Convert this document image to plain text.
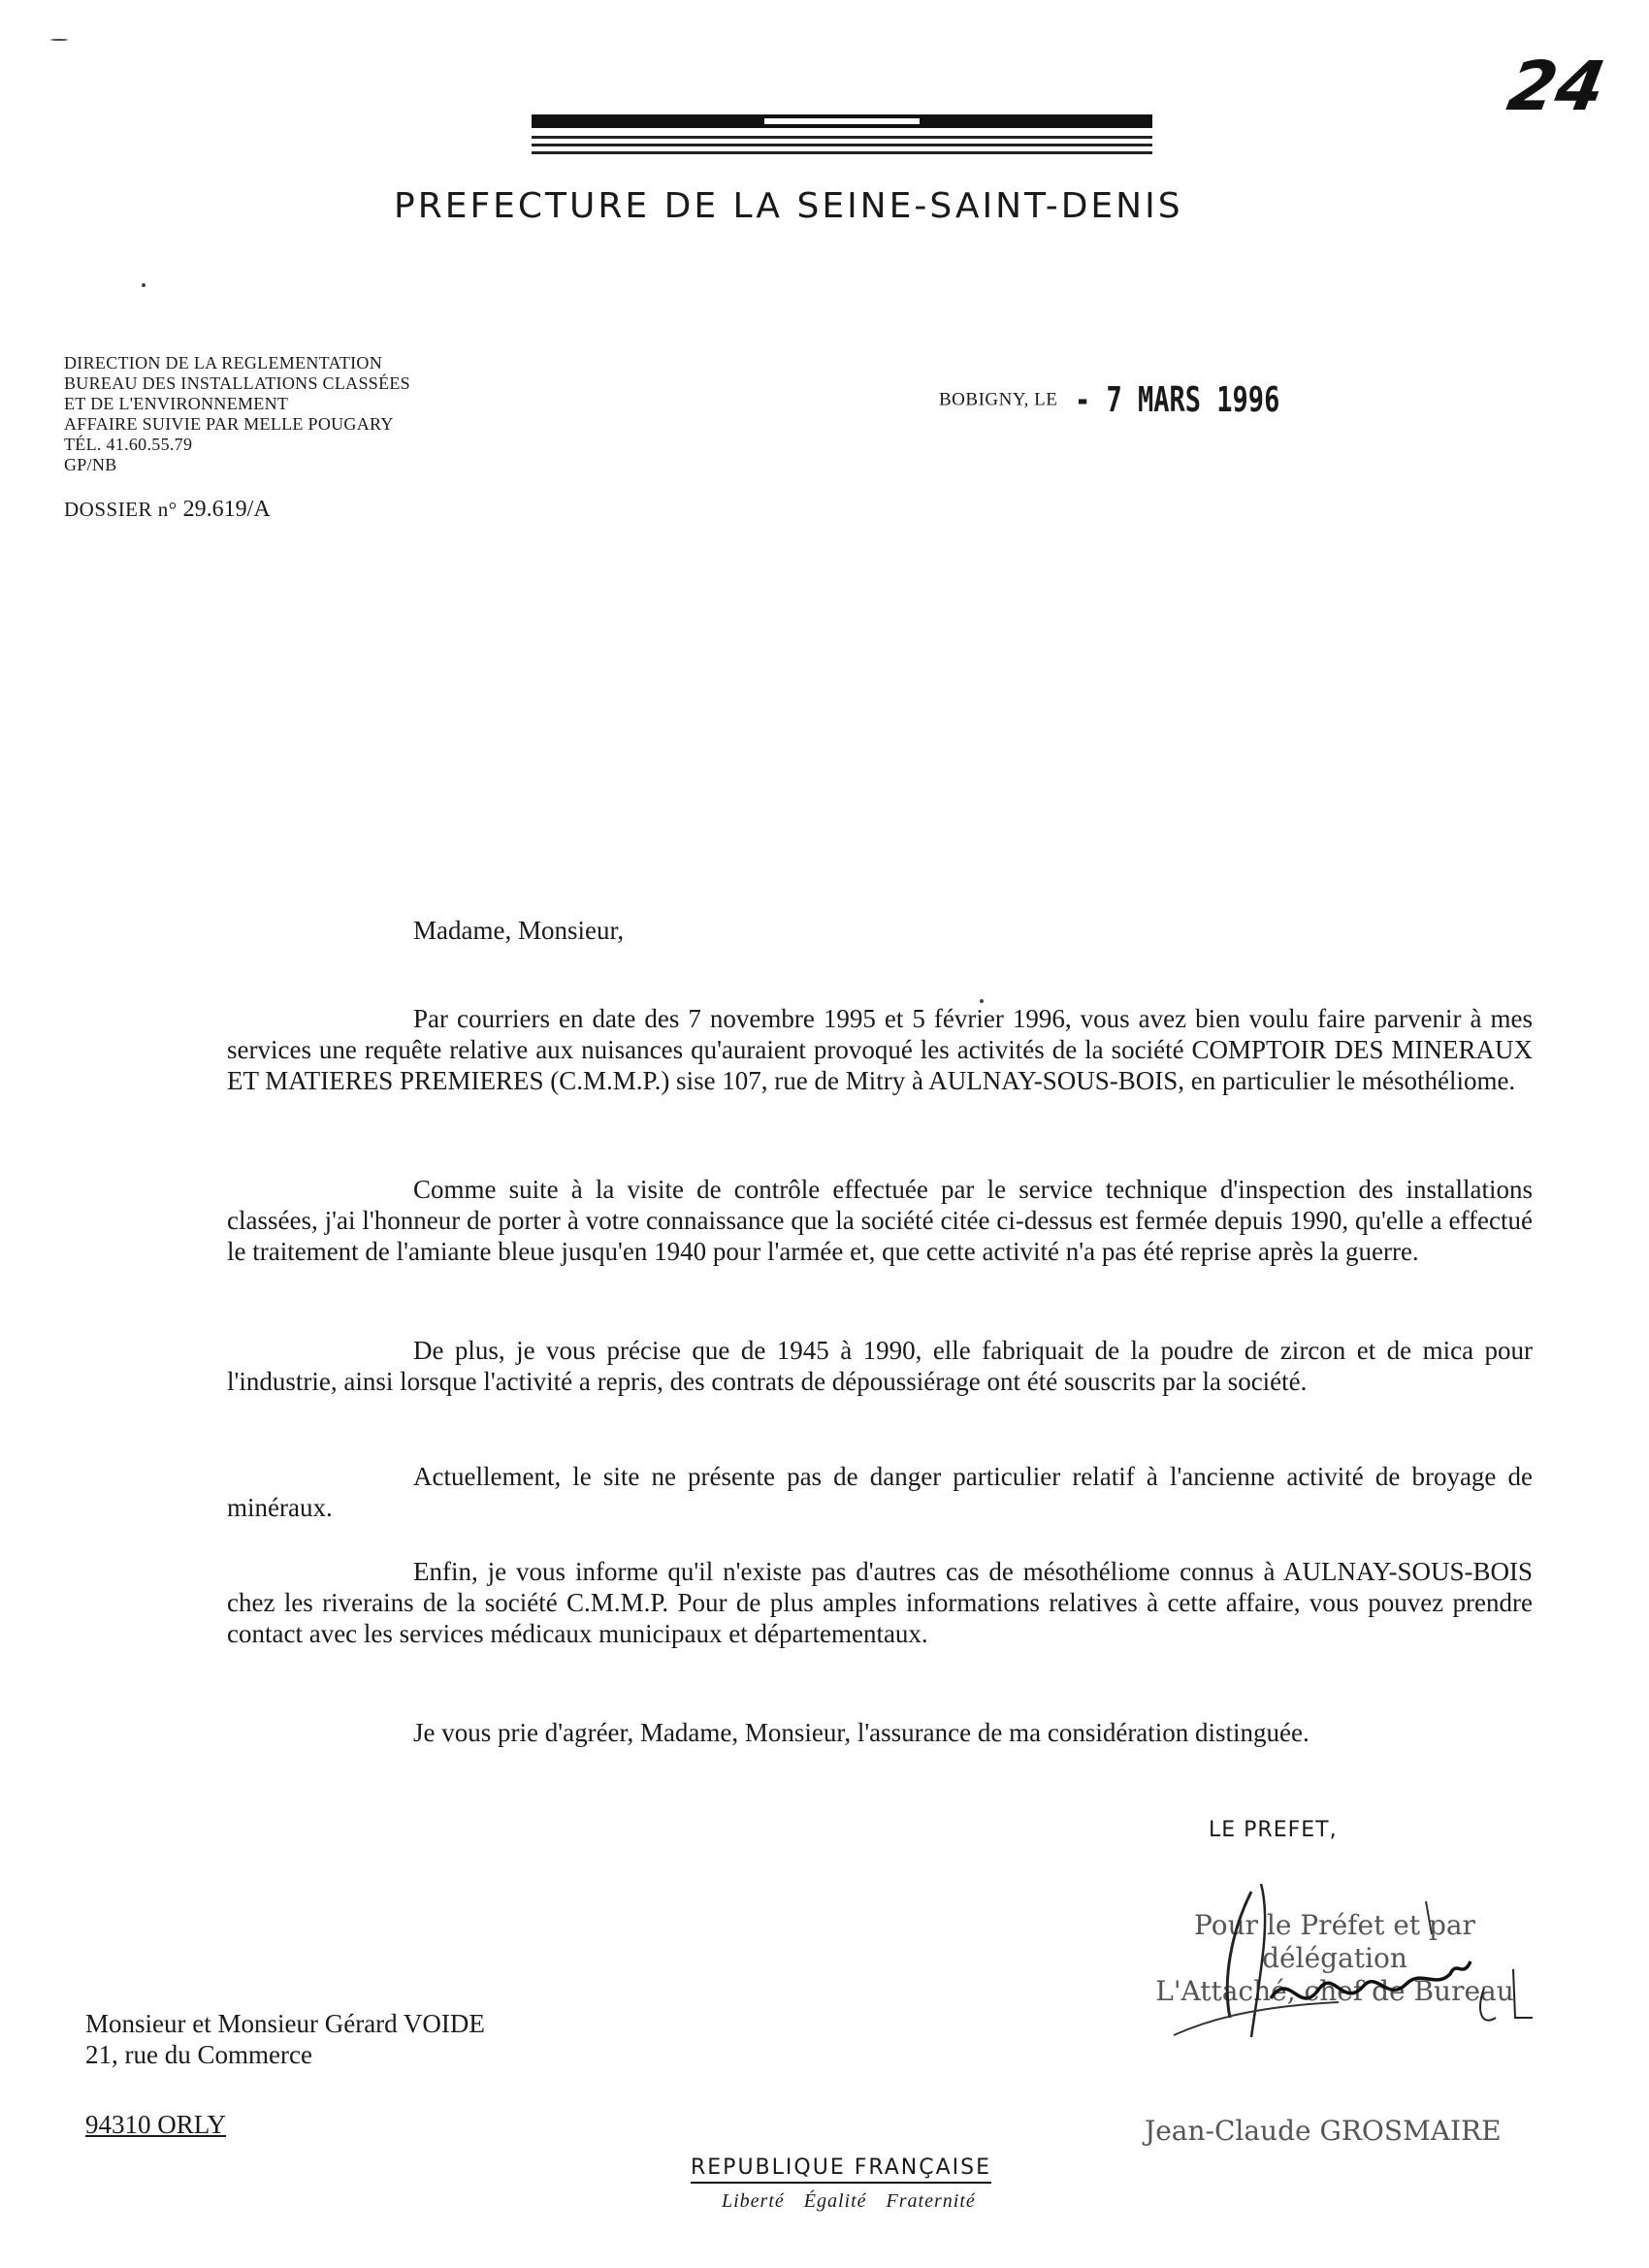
24
PREFECTURE DE LA SEINE-SAINT-DENIS
DIRECTION DE LA REGLEMENTATION
BUREAU DES INSTALLATIONS CLASSÉES
ET DE L'ENVIRONNEMENT
AFFAIRE SUIVIE PAR MELLE POUGARY
TÉL. 41.60.55.79
GP/NB
DOSSIER n° 29.619/A
BOBIGNY, LE - 7 MARS 1996
Madame, Monsieur,

Par courriers en date des 7 novembre 1995 et 5 février 1996, vous avez bien voulu faire parvenir à mes services une requête relative aux nuisances qu'auraient provoqué les activités de la société COMPTOIR DES MINERAUX ET MATIERES PREMIERES (C.M.M.P.) sise 107, rue de Mitry à AULNAY-SOUS-BOIS, en particulier le mésothéliome.

Comme suite à la visite de contrôle effectuée par le service technique d'inspection des installations classées, j'ai l'honneur de porter à votre connaissance que la société citée ci-dessus est fermée depuis 1990, qu'elle a effectué le traitement de l'amiante bleue jusqu'en 1940 pour l'armée et, que cette activité n'a pas été reprise après la guerre.

De plus, je vous précise que de 1945 à 1990, elle fabriquait de la poudre de zircon et de mica pour l'industrie, ainsi lorsque l'activité a repris, des contrats de dépoussiérage ont été souscrits par la société.

Actuellement, le site ne présente pas de danger particulier relatif à l'ancienne activité de broyage de minéraux.

Enfin, je vous informe qu'il n'existe pas d'autres cas de mésothéliome connus à AULNAY-SOUS-BOIS chez les riverains de la société C.M.M.P. Pour de plus amples informations relatives à cette affaire, vous pouvez prendre contact avec les services médicaux municipaux et départementaux.

Je vous prie d'agréer, Madame, Monsieur, l'assurance de ma considération distinguée.

LE PREFET,
Pour le Préfet et par délégation
L'Attaché, chef de Bureau
Jean-Claude GROSMAIRE
Monsieur et Monsieur Gérard VOIDE
21, rue du Commerce
94310 ORLY
REPUBLIQUE FRANÇAISE
Liberté Égalité Fraternité
